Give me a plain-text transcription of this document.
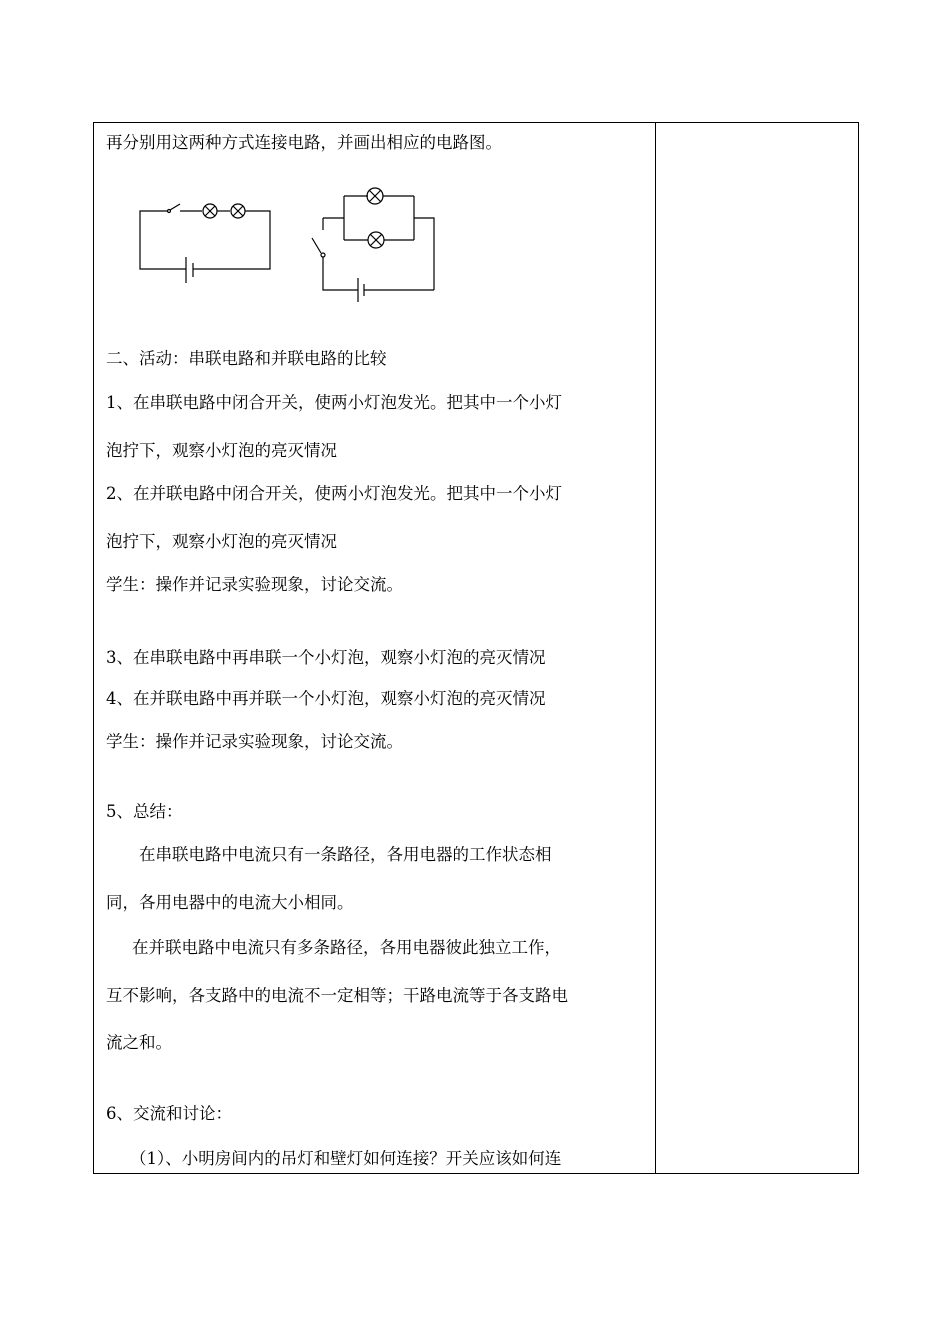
再分别用这两种方式连接电路，并画出相应的电路图。
二、活动：串联电路和并联电路的比较
1、在串联电路中闭合开关，使两小灯泡发光。把其中一个小灯
泡拧下，观察小灯泡的亮灭情况
2、在并联电路中闭合开关，使两小灯泡发光。把其中一个小灯
泡拧下，观察小灯泡的亮灭情况
学生：操作并记录实验现象，讨论交流。
3、在串联电路中再串联一个小灯泡，观察小灯泡的亮灭情况
4、在并联电路中再并联一个小灯泡，观察小灯泡的亮灭情况
学生：操作并记录实验现象，讨论交流。
5、总结：
在串联电路中电流只有一条路径，各用电器的工作状态相
同，各用电器中的电流大小相同。
在并联电路中电流只有多条路径，各用电器彼此独立工作，
互不影响，各支路中的电流不一定相等；干路电流等于各支路电
流之和。
6、交流和讨论：
（1）、小明房间内的吊灯和壁灯如何连接？开关应该如何连
